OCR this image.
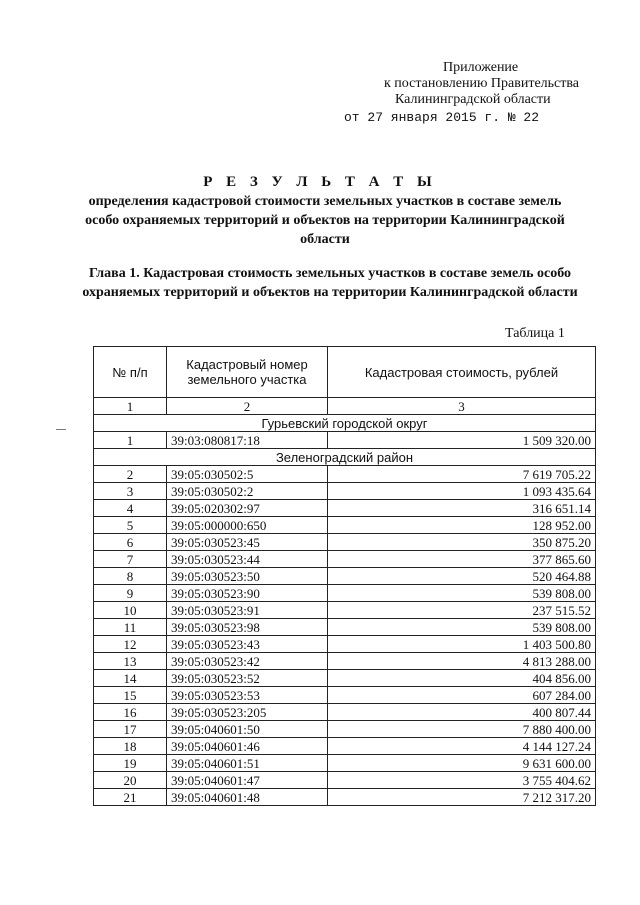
Приложение
к постановлению Правительства
Калининградской области
от 27 января 2015 г. № 22
Р Е З У Л Ь Т А Т Ы
определения кадастровой стоимости земельных участков в составе земель особо охраняемых территорий и объектов на территории Калининградской области
Глава 1. Кадастровая стоимость земельных участков в составе земель особо охраняемых территорий и объектов на территории Калининградской области
Таблица 1
№ п/п	Кадастровый номер земельного участка	Кадастровая стоимость, рублей
1	2	3
Гурьевский городской округ		
1	39:03:080817:18	1 509 320.00
Зеленоградский район		
2	39:05:030502:5	7 619 705.22
3	39:05:030502:2	1 093 435.64
4	39:05:020302:97	316 651.14
5	39:05:000000:650	128 952.00
6	39:05:030523:45	350 875.20
7	39:05:030523:44	377 865.60
8	39:05:030523:50	520 464.88
9	39:05:030523:90	539 808.00
10	39:05:030523:91	237 515.52
11	39:05:030523:98	539 808.00
12	39:05:030523:43	1 403 500.80
13	39:05:030523:42	4 813 288.00
14	39:05:030523:52	404 856.00
15	39:05:030523:53	607 284.00
16	39:05:030523:205	400 807.44
17	39:05:040601:50	7 880 400.00
18	39:05:040601:46	4 144 127.24
19	39:05:040601:51	9 631 600.00
20	39:05:040601:47	3 755 404.62
21	39:05:040601:48	7 212 317.20
